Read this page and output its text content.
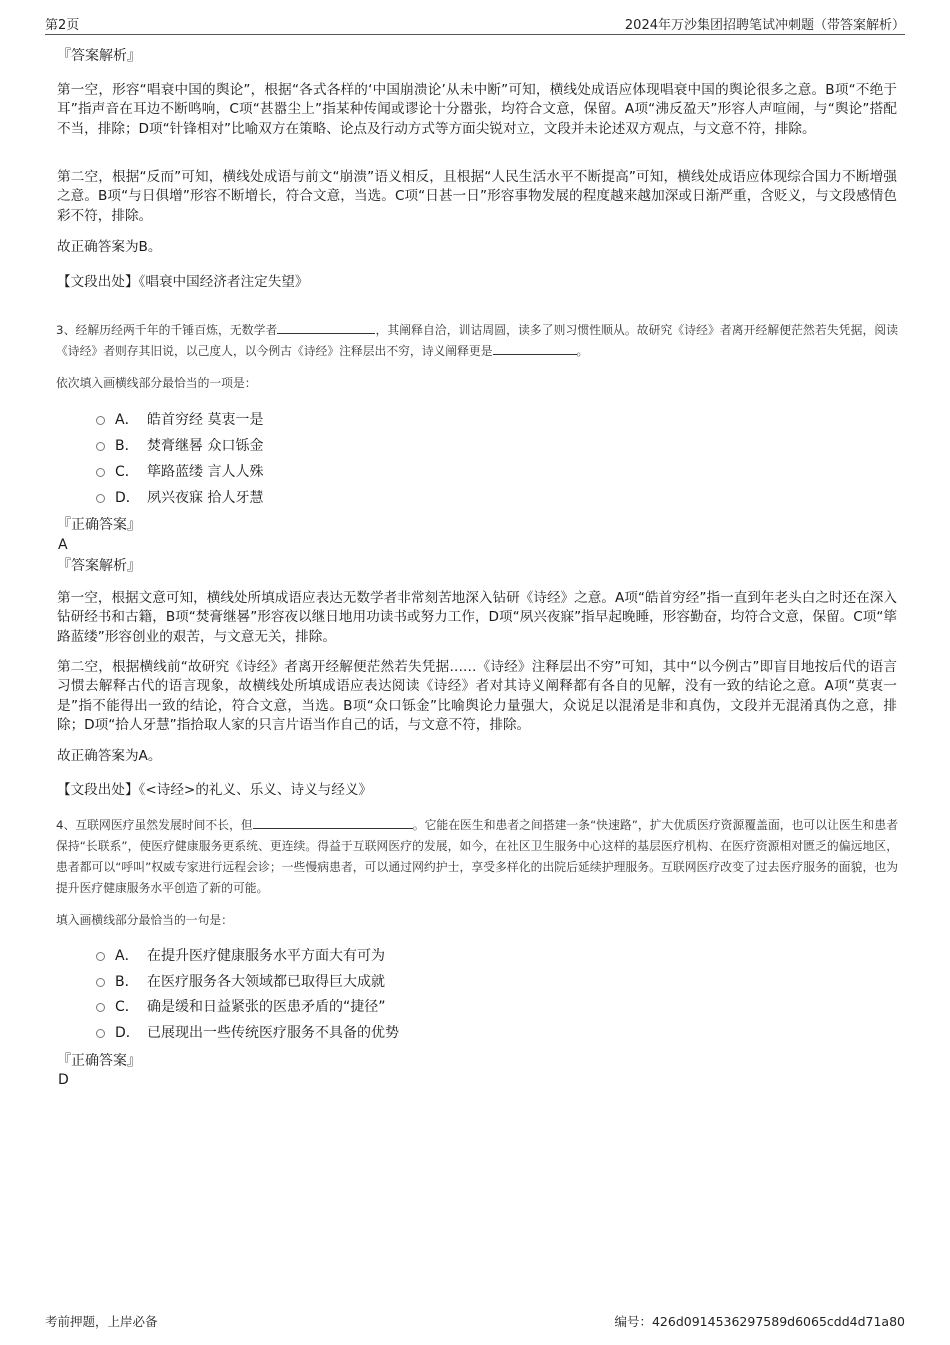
第2页	2024年万沙集团招聘笔试冲刺题（带答案解析）
『答案解析』
第一空，形容“唱衰中国的舆论”，根据“各式各样的‘中国崩溃论’从未中断”可知，横线处成语应体现唱衰中国的舆论很多之意。B项“不绝于耳”指声音在耳边不断鸣响，C项“甚嚣尘上”指某种传闻或谬论十分嚣张，均符合文意，保留。A项“沸反盈天”形容人声喧闹，与“舆论”搭配不当，排除；D项“针锋相对”比喻双方在策略、论点及行动方式等方面尖锐对立，文段并未论述双方观点，与文意不符，排除。
第二空，根据“反而”可知，横线处成语与前文“崩溃”语义相反，且根据“人民生活水平不断提高”可知，横线处成语应体现综合国力不断增强之意。B项“与日俱增”形容不断增长，符合文意，当选。C项“日甚一日”形容事物发展的程度越来越加深或日渐严重，含贬义，与文段感情色彩不符，排除。
故正确答案为B。
【文段出处】《唱衰中国经济者注定失望》
3、经解历经两千年的千锤百炼，无数学者	，其阐释自洽，训诂周圆，读多了则习惯性顺从。故研究《诗经》者离开经解便茫然若失凭据，阅读《诗经》者则存其旧说，以己度人，以今例古《诗经》注释层出不穷，诗义阐释更是	。
依次填入画横线部分最恰当的一项是：
A． 皓首穷经 莫衷一是
B． 焚膏继晷 众口铄金
C． 筚路蓝缕 言人人殊
D． 夙兴夜寐 拾人牙慧
『正确答案』
A
『答案解析』
第一空，根据文意可知，横线处所填成语应表达无数学者非常刻苦地深入钻研《诗经》之意。A项“皓首穷经”指一直到年老头白之时还在深入钻研经书和古籍，B项“焚膏继晷”形容夜以继日地用功读书或努力工作，D项“夙兴夜寐”指早起晚睡，形容勤奋，均符合文意，保留。C项“筚路蓝缕”形容创业的艰苦，与文意无关，排除。
第二空，根据横线前“故研究《诗经》者离开经解便茫然若失凭据……《诗经》注释层出不穷”可知，其中“以今例古”即盲目地按后代的语言习惯去解释古代的语言现象，故横线处所填成语应表达阅读《诗经》者对其诗义阐释都有各自的见解，没有一致的结论之意。A项“莫衷一是”指不能得出一致的结论，符合文意，当选。B项“众口铄金”比喻舆论力量强大，众说足以混淆是非和真伪，文段并无混淆真伪之意，排除；D项“拾人牙慧”指拾取人家的只言片语当作自己的话，与文意不符，排除。
故正确答案为A。
【文段出处】《<诗经>的礼义、乐义、诗义与经义》
4、互联网医疗虽然发展时间不长，但	。它能在医生和患者之间搭建一条“快速路”，扩大优质医疗资源覆盖面，也可以让医生和患者保持“长联系”，使医疗健康服务更系统、更连续。得益于互联网医疗的发展，如今，在社区卫生服务中心这样的基层医疗机构、在医疗资源相对匮乏的偏远地区，患者都可以“呼叫”权威专家进行远程会诊；一些慢病患者，可以通过网约护士，享受多样化的出院后延续护理服务。互联网医疗改变了过去医疗服务的面貌，也为提升医疗健康服务水平创造了新的可能。
填入画横线部分最恰当的一句是：
A． 在提升医疗健康服务水平方面大有可为
B． 在医疗服务各大领域都已取得巨大成就
C． 确是缓和日益紧张的医患矛盾的“捷径”
D． 已展现出一些传统医疗服务不具备的优势
『正确答案』
D
考前押题，上岸必备	编号：426d0914536297589d6065cdd4d71a80
